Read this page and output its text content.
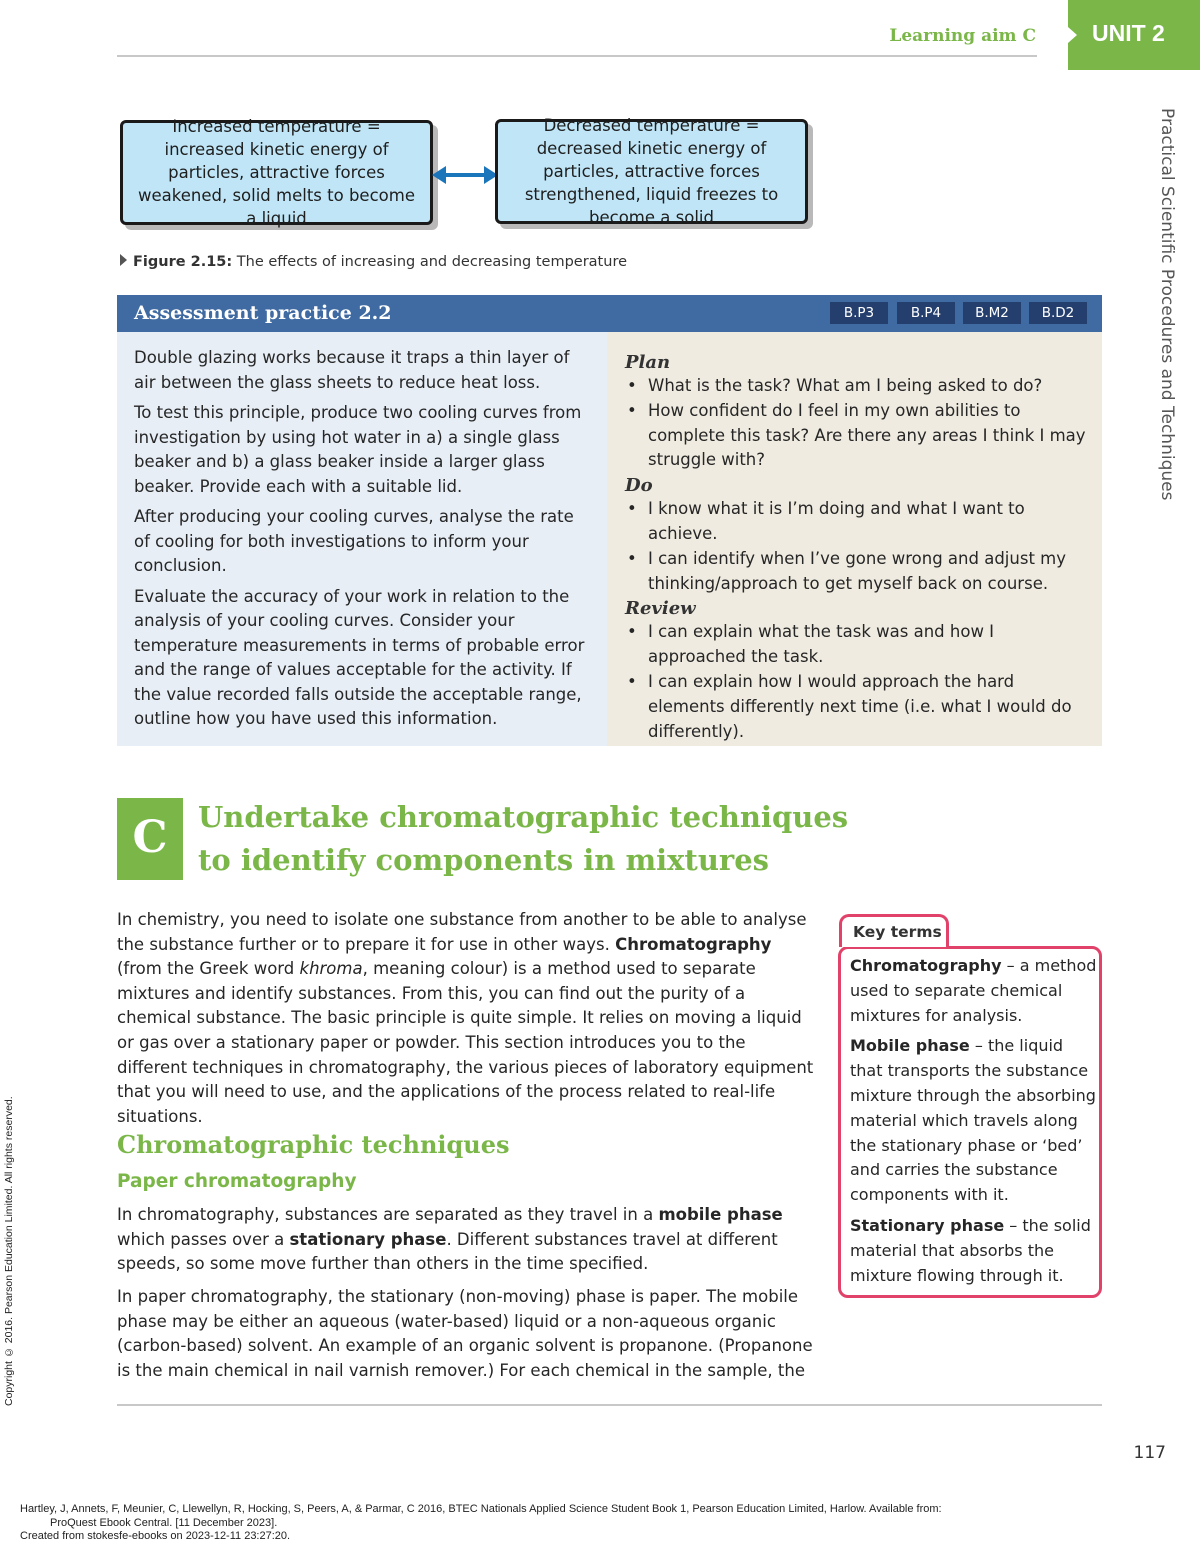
Learning aim C UNIT 2
Practical Scientific Procedures and Techniques
Increased temperature = increased kinetic energy of particles, attractive forces weakened, solid melts to become a liquid
Decreased temperature = decreased kinetic energy of particles, attractive forces strengthened, liquid freezes to become a solid
Figure 2.15: The effects of increasing and decreasing temperature
Assessment practice 2.2	B.P3	B.P4	B.M2	B.D2

Double glazing works because it traps a thin layer of air between the glass sheets to reduce heat loss.

To test this principle, produce two cooling curves from investigation by using hot water in a) a single glass beaker and b) a glass beaker inside a larger glass beaker. Provide each with a suitable lid.

After producing your cooling curves, analyse the rate of cooling for both investigations to inform your conclusion.

Evaluate the accuracy of your work in relation to the analysis of your cooling curves. Consider your temperature measurements in terms of probable error and the range of values acceptable for the activity. If the value recorded falls outside the acceptable range, outline how you have used this information.

Plan
• What is the task? What am I being asked to do?
• How confident do I feel in my own abilities to complete this task? Are there any areas I think I may struggle with?
Do
• I know what it is I’m doing and what I want to achieve.
• I can identify when I’ve gone wrong and adjust my thinking/approach to get myself back on course.
Review
• I can explain what the task was and how I approached the task.
• I can explain how I would approach the hard elements differently next time (i.e. what I would do differently).
C	Undertake chromatographic techniques
to identify components in mixtures

In chemistry, you need to isolate one substance from another to be able to analyse the substance further or to prepare it for use in other ways. Chromatography (from the Greek word khroma, meaning colour) is a method used to separate mixtures and identify substances. From this, you can find out the purity of a chemical substance. The basic principle is quite simple. It relies on moving a liquid or gas over a stationary paper or powder. This section introduces you to the different techniques in chromatography, the various pieces of laboratory equipment that you will need to use, and the applications of the process related to real-life situations.

Chromatographic techniques
Paper chromatography

In chromatography, substances are separated as they travel in a mobile phase which passes over a stationary phase. Different substances travel at different speeds, so some move further than others in the time specified.

In paper chromatography, the stationary (non-moving) phase is paper. The mobile phase may be either an aqueous (water-based) liquid or a non-aqueous organic (carbon-based) solvent. An example of an organic solvent is propanone. (Propanone is the main chemical in nail varnish remover.) For each chemical in the sample, the

Key terms

Chromatography – a method used to separate chemical mixtures for analysis.

Mobile phase – the liquid that transports the substance mixture through the absorbing material which travels along the stationary phase or ‘bed’ and carries the substance components with it.

Stationary phase – the solid material that absorbs the mixture flowing through it.

117
Copyright © 2016. Pearson Education Limited. All rights reserved.
Hartley, J, Annets, F, Meunier, C, Llewellyn, R, Hocking, S, Peers, A, & Parmar, C 2016, BTEC Nationals Applied Science Student Book 1, Pearson Education Limited, Harlow. Available from:
ProQuest Ebook Central. [11 December 2023].
Created from stokesfe-ebooks on 2023-12-11 23:27:20.
